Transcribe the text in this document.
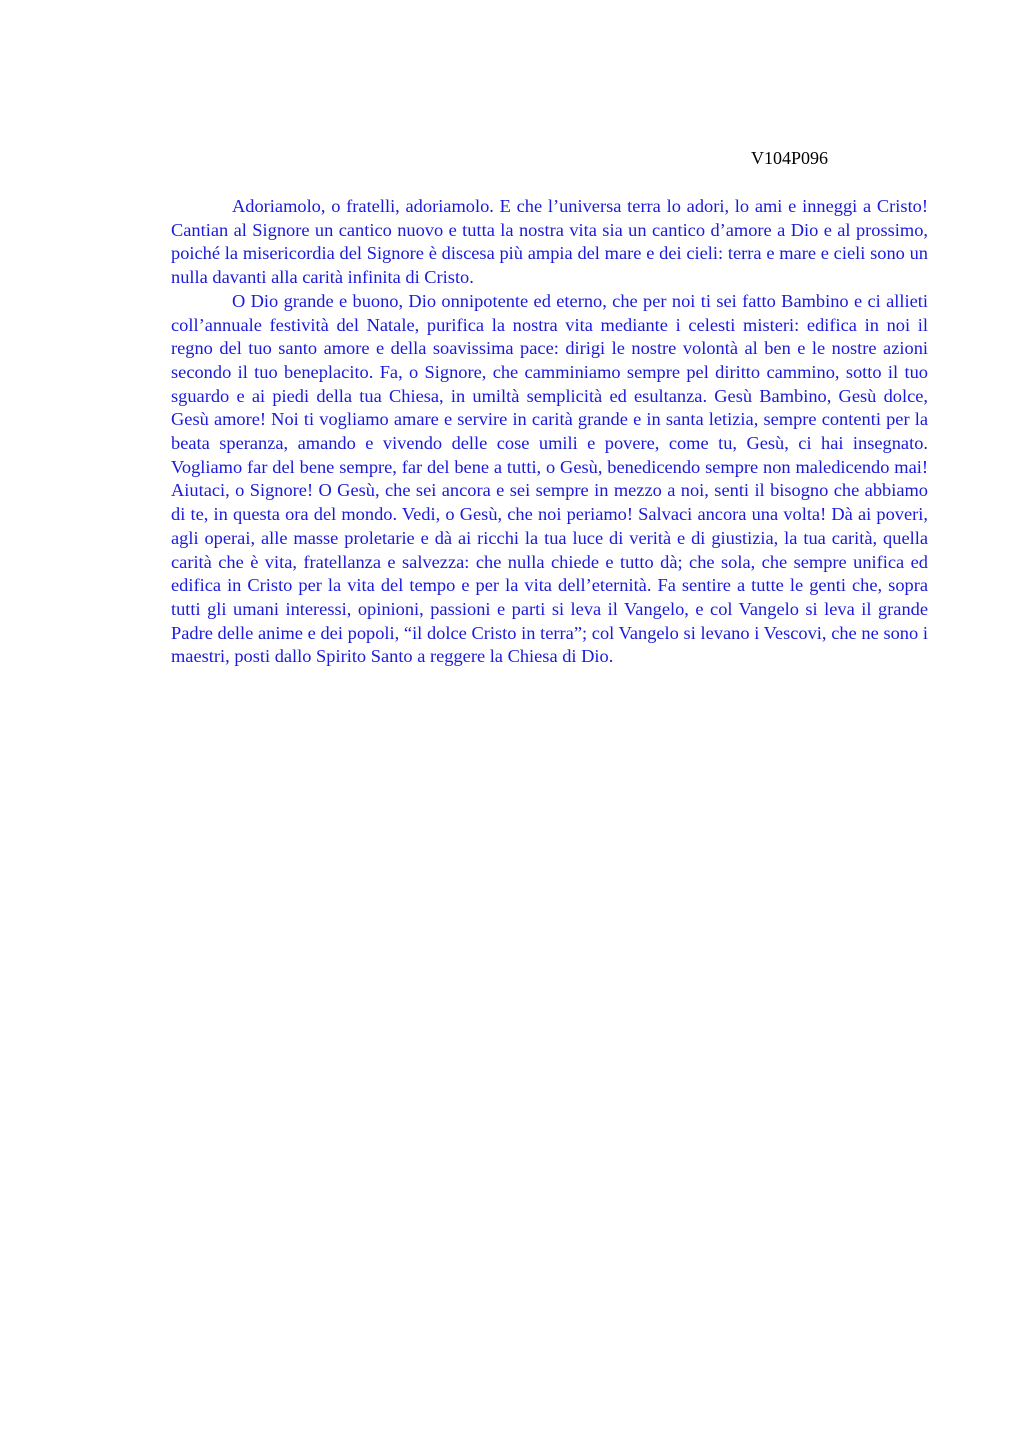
V104P096

Adoriamolo, o fratelli, adoriamolo. E che l’universa terra lo adori, lo ami e inneggi a Cristo! Cantian al Signore un cantico nuovo e tutta la nostra vita sia un cantico d’amore a Dio e al prossimo, poiché la misericordia del Signore è discesa più ampia del mare e dei cieli: terra e mare e cieli sono un nulla davanti alla carità infinita di Cristo.

O Dio grande e buono, Dio onnipotente ed eterno, che per noi ti sei fatto Bambino e ci allieti coll’annuale festività del Natale, purifica la nostra vita mediante i celesti misteri: edifica in noi il regno del tuo santo amore e della soavissima pace: dirigi le nostre volontà al ben e le nostre azioni secondo il tuo beneplacito. Fa, o Signore, che camminiamo sempre pel diritto cammino, sotto il tuo sguardo e ai piedi della tua Chiesa, in umiltà semplicità ed esultanza. Gesù Bambino, Gesù dolce, Gesù amore! Noi ti vogliamo amare e servire in carità grande e in santa letizia, sempre contenti per la beata speranza, amando e vivendo delle cose umili e povere, come tu, Gesù, ci hai insegnato. Vogliamo far del bene sempre, far del bene a tutti, o Gesù, benedicendo sempre non maledicendo mai! Aiutaci, o Signore! O Gesù, che sei ancora e sei sempre in mezzo a noi, senti il bisogno che abbiamo di te, in questa ora del mondo. Vedi, o Gesù, che noi periamo! Salvaci ancora una volta! Dà ai poveri, agli operai, alle masse proletarie e dà ai ricchi la tua luce di verità e di giustizia, la tua carità, quella carità che è vita, fratellanza e salvezza: che nulla chiede e tutto dà; che sola, che sempre unifica ed edifica in Cristo per la vita del tempo e per la vita dell’eternità. Fa sentire a tutte le genti che, sopra tutti gli umani interessi, opinioni, passioni e parti si leva il Vangelo, e col Vangelo si leva il grande Padre delle anime e dei popoli, “il dolce Cristo in terra”; col Vangelo si levano i Vescovi, che ne sono i maestri, posti dallo Spirito Santo a reggere la Chiesa di Dio.
